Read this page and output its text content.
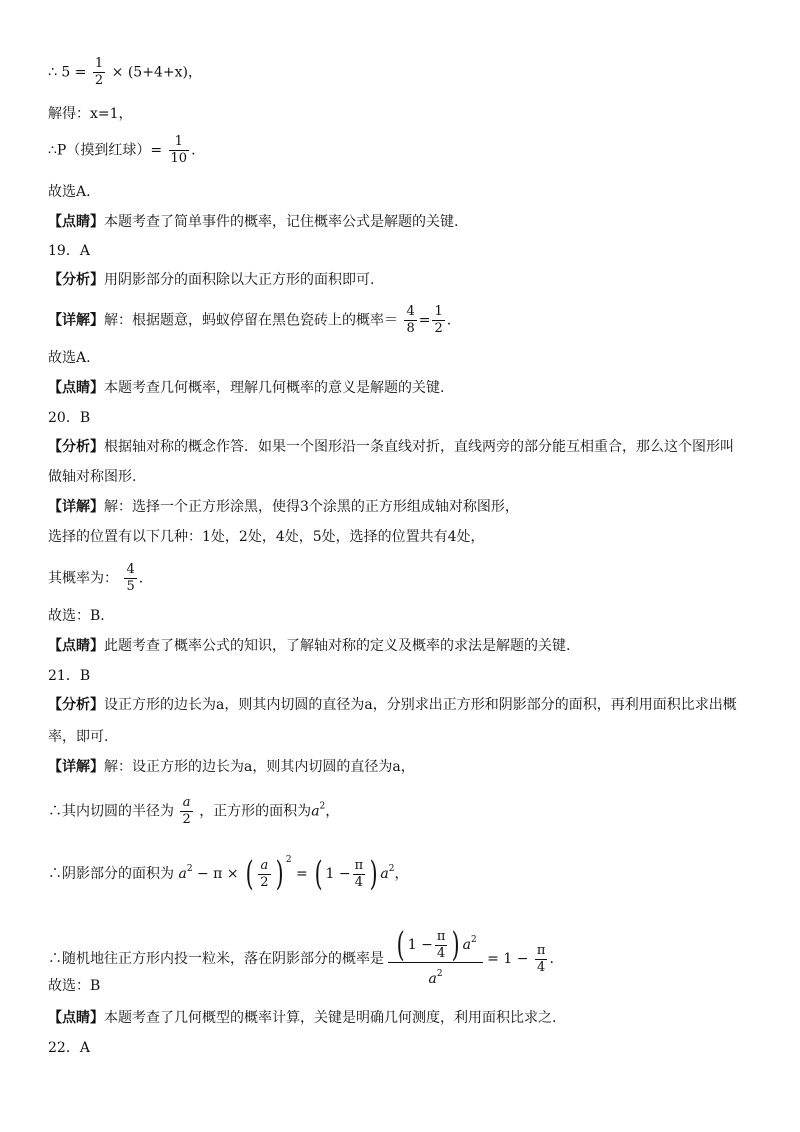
∴ $5 = \frac{1}{2} \times (5+4+x)$，
解得：x=1，
∴P（摸到红球）= $\frac{1}{10}$ .
故选A.
【点睛】本题考查了简单事件的概率，记住概率公式是解题的关键.
19．A
【分析】用阴影部分的面积除以大正方形的面积即可.
【详解】解：根据题意，蚂蚁停留在黑色瓷砖上的概率＝ $\frac{4}{8} = \frac{1}{2}$ .
故选A.
【点睛】本题考查几何概率，理解几何概率的意义是解题的关键.
20．B
【分析】根据轴对称的概念作答．如果一个图形沿一条直线对折，直线两旁的部分能互相重合，那么这个图形叫
做轴对称图形.
【详解】解：选择一个正方形涂黑，使得3个涂黑的正方形组成轴对称图形，
选择的位置有以下几种：1处，2处，4处，5处，选择的位置共有4处，
其概率为： $\frac{4}{5}$ .
故选：B.
【点睛】此题考查了概率公式的知识，了解轴对称的定义及概率的求法是解题的关键.
21．B
【分析】设正方形的边长为a，则其内切圆的直径为a，分别求出正方形和阴影部分的面积，再利用面积比求出概
率，即可.
【详解】解：设正方形的边长为a，则其内切圆的直径为a，
∴其内切圆的半径为 $\frac{a}{2}$ ，正方形的面积为$a^2$，
∴阴影部分的面积为 $a^2 - \pi$ × ( $\frac{a}{2}$ ) $^2$ = ( $1 - \frac{\pi}{4}$ ) $a^2$，
∴随机地往正方形内投一粒米，落在阴影部分的概率是 $\frac{( 1 - \frac{\pi}{4} ) a^2}{a^2} = 1 - \frac{\pi}{4}$ .
故选：B
【点睛】本题考查了几何概型的概率计算，关键是明确几何测度，利用面积比求之.
22．A
